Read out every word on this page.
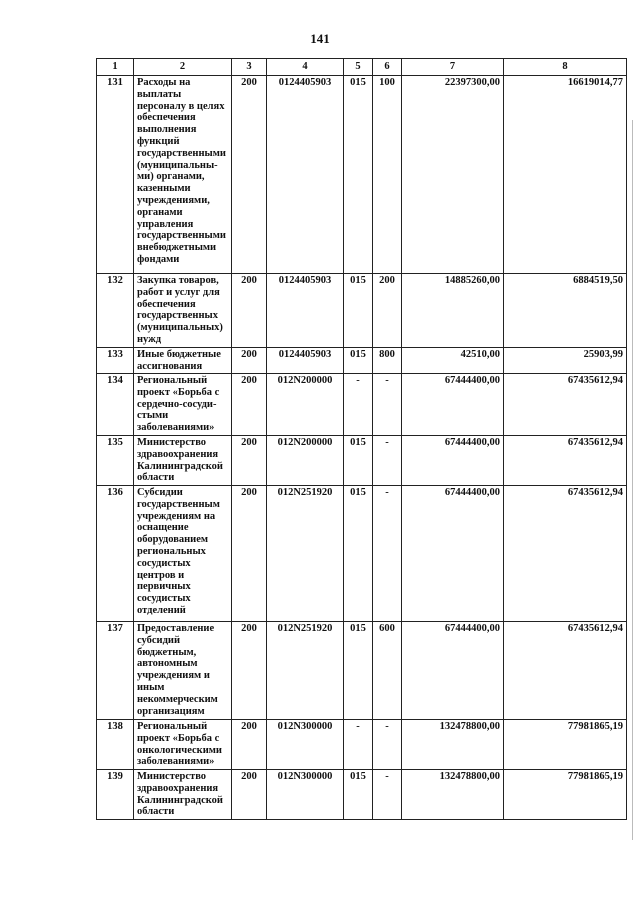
141
1	2	3	4	5	6	7	8
131	Расходы на выплаты персоналу в целях обеспечения выполнения функций государственными (муниципальны-ми) органами, казенными учреждениями, органами управления государственными внебюджетными фондами	200	0124405903	015	100	22397300,00	16619014,77
132	Закупка товаров, работ и услуг для обеспечения государственных (муниципальных) нужд	200	0124405903	015	200	14885260,00	6884519,50
133	Иные бюджетные ассигнования	200	0124405903	015	800	42510,00	25903,99
134	Региональный проект «Борьба с сердечно-сосуди-стыми заболеваниями»	200	012N200000	-	-	67444400,00	67435612,94
135	Министерство здравоохранения Калининградской области	200	012N200000	015	-	67444400,00	67435612,94
136	Субсидии государственным учреждениям на оснащение оборудованием региональных сосудистых центров и первичных сосудистых отделений	200	012N251920	015	-	67444400,00	67435612,94
137	Предоставление субсидий бюджетным, автономным учреждениям и иным некоммерческим организациям	200	012N251920	015	600	67444400,00	67435612,94
138	Региональный проект «Борьба с онкологическими заболеваниями»	200	012N300000	-	-	132478800,00	77981865,19
139	Министерство здравоохранения Калининградской области	200	012N300000	015	-	132478800,00	77981865,19
